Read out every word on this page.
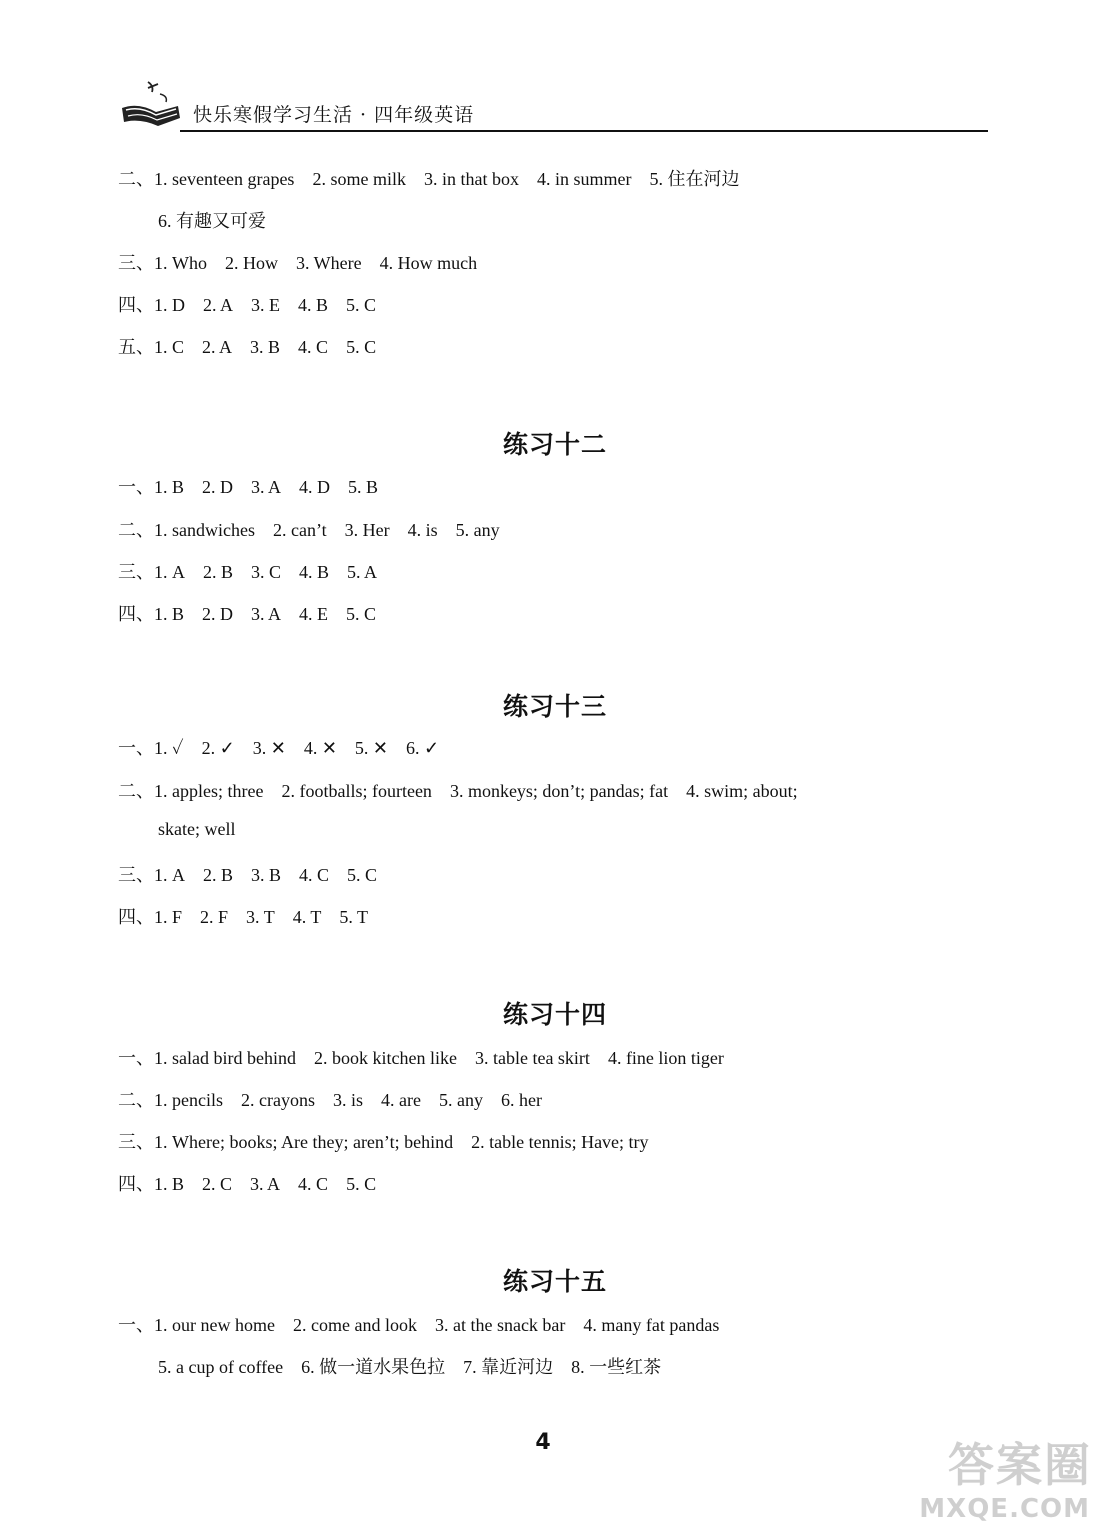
快乐寒假学习生活 · 四年级英语
二、1. seventeen grapes 2. some milk 3. in that box 4. in summer 5. 住在河边
6. 有趣又可爱
三、1. Who 2. How 3. Where 4. How much
四、1. D 2. A 3. E 4. B 5. C
五、1. C 2. A 3. B 4. C 5. C
练习十二
一、1. B 2. D 3. A 4. D 5. B
二、1. sandwiches 2. can’t 3. Her 4. is 5. any
三、1. A 2. B 3. C 4. B 5. A
四、1. B 2. D 3. A 4. E 5. C
练习十三
一、1. ✓ 2. ✓ 3. ✕ 4. ✕ 5. ✕ 6. ✓
二、1. apples; three 2. footballs; fourteen 3. monkeys; don’t; pandas; fat 4. swim; about;
skate; well
三、1. A 2. B 3. B 4. C 5. C
四、1. F 2. F 3. T 4. T 5. T
练习十四
一、1. salad bird behind 2. book kitchen like 3. table tea skirt 4. fine lion tiger
二、1. pencils 2. crayons 3. is 4. are 5. any 6. her
三、1. Where; books; Are they; aren’t; behind 2. table tennis; Have; try
四、1. B 2. C 3. A 4. C 5. C
练习十五
一、1. our new home 2. come and look 3. at the snack bar 4. many fat pandas
5. a cup of coffee 6. 做一道水果色拉 7. 靠近河边 8. 一些红茶
4	答案圈
MXQE.COM
